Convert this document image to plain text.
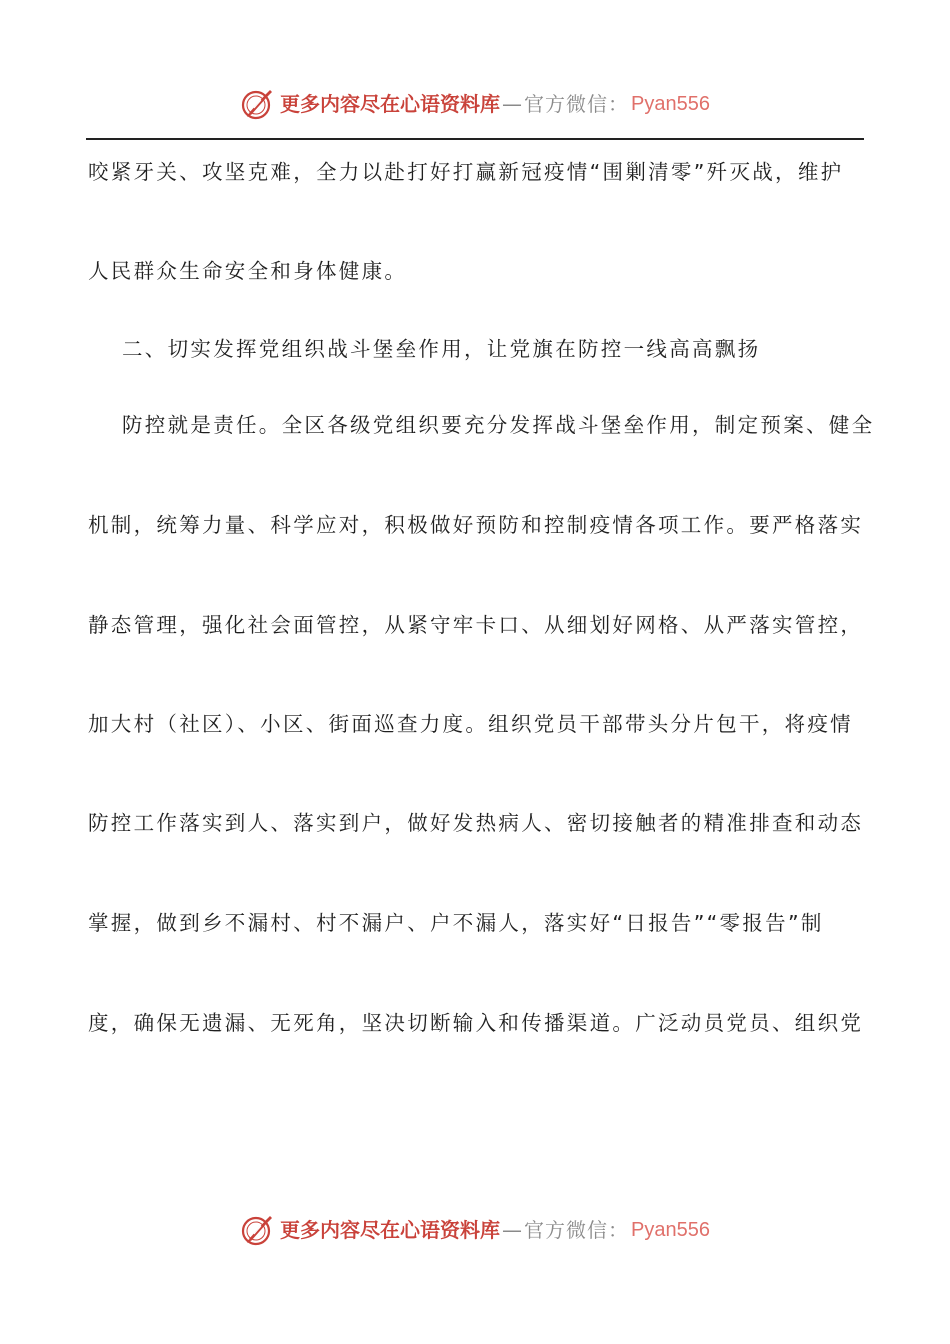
更多内容尽在心语资料库 — 官方微信： Pyan556
咬紧牙关、攻坚克难，全力以赴打好打赢新冠疫情“围剿清零”歼灭战，维护
人民群众生命安全和身体健康。
二、切实发挥党组织战斗堡垒作用，让党旗在防控一线高高飘扬
防控就是责任。全区各级党组织要充分发挥战斗堡垒作用，制定预案、健全
机制，统筹力量、科学应对，积极做好预防和控制疫情各项工作。要严格落实
静态管理，强化社会面管控，从紧守牢卡口、从细划好网格、从严落实管控，
加大村（社区）、小区、街面巡查力度。组织党员干部带头分片包干，将疫情
防控工作落实到人、落实到户，做好发热病人、密切接触者的精准排查和动态
掌握，做到乡不漏村、村不漏户、户不漏人，落实好“日报告”“零报告”制
度，确保无遗漏、无死角，坚决切断输入和传播渠道。广泛动员党员、组织党
更多内容尽在心语资料库 — 官方微信： Pyan556
